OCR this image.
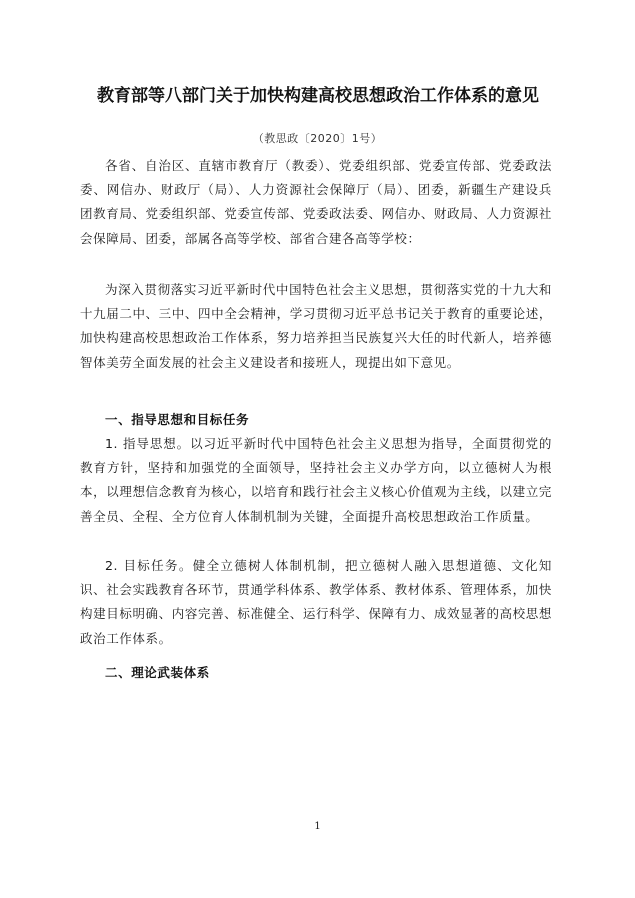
教育部等八部门关于加快构建高校思想政治工作体系的意见
（教思政〔2020〕1号）
各省、自治区、直辖市教育厅（教委）、党委组织部、党委宣传部、党委政法委、网信办、财政厅（局）、人力资源社会保障厅（局）、团委，新疆生产建设兵团教育局、党委组织部、党委宣传部、党委政法委、网信办、财政局、人力资源社会保障局、团委，部属各高等学校、部省合建各高等学校：
为深入贯彻落实习近平新时代中国特色社会主义思想，贯彻落实党的十九大和十九届二中、三中、四中全会精神，学习贯彻习近平总书记关于教育的重要论述，加快构建高校思想政治工作体系，努力培养担当民族复兴大任的时代新人，培养德智体美劳全面发展的社会主义建设者和接班人，现提出如下意见。
一、指导思想和目标任务
1. 指导思想。以习近平新时代中国特色社会主义思想为指导，全面贯彻党的教育方针，坚持和加强党的全面领导，坚持社会主义办学方向，以立德树人为根本，以理想信念教育为核心，以培育和践行社会主义核心价值观为主线，以建立完善全员、全程、全方位育人体制机制为关键，全面提升高校思想政治工作质量。
2. 目标任务。健全立德树人体制机制，把立德树人融入思想道德、文化知识、社会实践教育各环节，贯通学科体系、教学体系、教材体系、管理体系，加快构建目标明确、内容完善、标准健全、运行科学、保障有力、成效显著的高校思想政治工作体系。
二、理论武装体系
1
